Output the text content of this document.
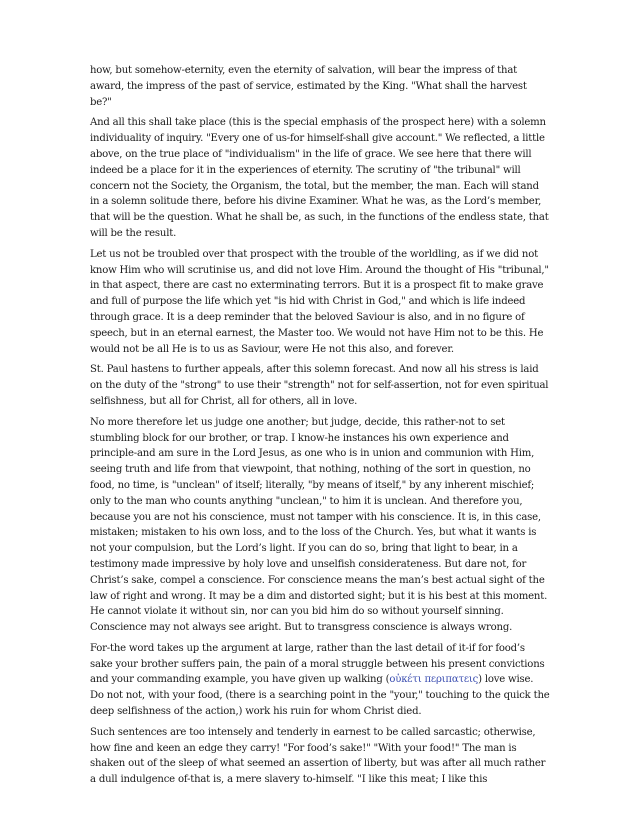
how, but somehow-eternity, even the eternity of salvation, will bear the impress of that award, the impress of the past of service, estimated by the King. "What shall the harvest be?"

And all this shall take place (this is the special emphasis of the prospect here) with a solemn individuality of inquiry. "Every one of us-for himself-shall give account." We reflected, a little above, on the true place of "individualism" in the life of grace. We see here that there will indeed be a place for it in the experiences of eternity. The scrutiny of "the tribunal" will concern not the Society, the Organism, the total, but the member, the man. Each will stand in a solemn solitude there, before his divine Examiner. What he was, as the Lord’s member, that will be the question. What he shall be, as such, in the functions of the endless state, that will be the result.

Let us not be troubled over that prospect with the trouble of the worldling, as if we did not know Him who will scrutinise us, and did not love Him. Around the thought of His "tribunal," in that aspect, there are cast no exterminating terrors. But it is a prospect fit to make grave and full of purpose the life which yet "is hid with Christ in God," and which is life indeed through grace. It is a deep reminder that the beloved Saviour is also, and in no figure of speech, but in an eternal earnest, the Master too. We would not have Him not to be this. He would not be all He is to us as Saviour, were He not this also, and forever.

St. Paul hastens to further appeals, after this solemn forecast. And now all his stress is laid on the duty of the "strong" to use their "strength" not for self-assertion, not for even spiritual selfishness, but all for Christ, all for others, all in love.

No more therefore let us judge one another; but judge, decide, this rather-not to set stumbling block for our brother, or trap. I know-he instances his own experience and principle-and am sure in the Lord Jesus, as one who is in union and communion with Him, seeing truth and life from that viewpoint, that nothing, nothing of the sort in question, no food, no time, is "unclean" of itself; literally, "by means of itself," by any inherent mischief; only to the man who counts anything "unclean," to him it is unclean. And therefore you, because you are not his conscience, must not tamper with his conscience. It is, in this case, mistaken; mistaken to his own loss, and to the loss of the Church. Yes, but what it wants is not your compulsion, but the Lord’s light. If you can do so, bring that light to bear, in a testimony made impressive by holy love and unselfish considerateness. But dare not, for Christ’s sake, compel a conscience. For conscience means the man’s best actual sight of the law of right and wrong. It may be a dim and distorted sight; but it is his best at this moment. He cannot violate it without sin, nor can you bid him do so without yourself sinning. Conscience may not always see aright. But to transgress conscience is always wrong.

For-the word takes up the argument at large, rather than the last detail of it-if for food’s sake your brother suffers pain, the pain of a moral struggle between his present convictions and your commanding example, you have given up walking (οὐκέτι περιπατεις) love wise. Do not not, with your food, (there is a searching point in the "your," touching to the quick the deep selfishness of the action,) work his ruin for whom Christ died.

Such sentences are too intensely and tenderly in earnest to be called sarcastic; otherwise, how fine and keen an edge they carry! "For food’s sake!" "With your food!" The man is shaken out of the sleep of what seemed an assertion of liberty, but was after all much rather a dull indulgence of-that is, a mere slavery to-himself. "I like this meat; I like this
